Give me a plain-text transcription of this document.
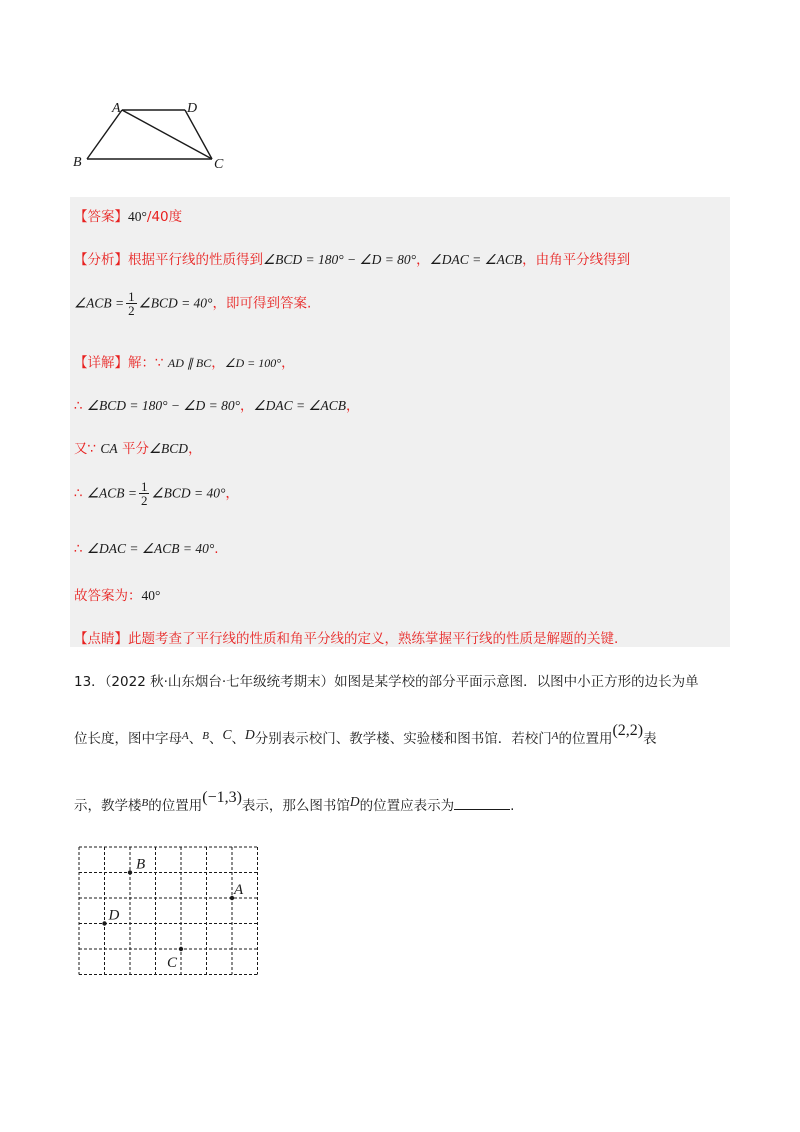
A	D
B	C
【答案】40°/40度
【分析】根据平行线的性质得到∠BCD = 180° − ∠D = 80°，∠DAC = ∠ACB，由角平分线得到
∠ACB = $\frac{1}{2}$ ∠BCD = 40°，即可得到答案.
【详解】解：∵ AD ∥ BC，∠D = 100°，
∴ ∠BCD = 180° − ∠D = 80°，∠DAC = ∠ACB，
又∵ CA 平分∠BCD，
∴ ∠ACB = $\frac{1}{2}$ ∠BCD = 40°，
∴ ∠DAC = ∠ACB = 40°.
故答案为：40°
【点睛】此题考查了平行线的性质和角平分线的定义，熟练掌握平行线的性质是解题的关键.
13．（2022 秋·山东烟台·七年级统考期末）如图是某学校的部分平面示意图．以图中小正方形的边长为单
位长度，图中字母$^A$、$^B$、C、D分别表示校门、教学楼、实验楼和图书馆．若校门$^A$的位置用(2,2)表
示，教学楼$^B$的位置用(−1,3)表示，那么图书馆D的位置应表示为	.
B
A
D
C
